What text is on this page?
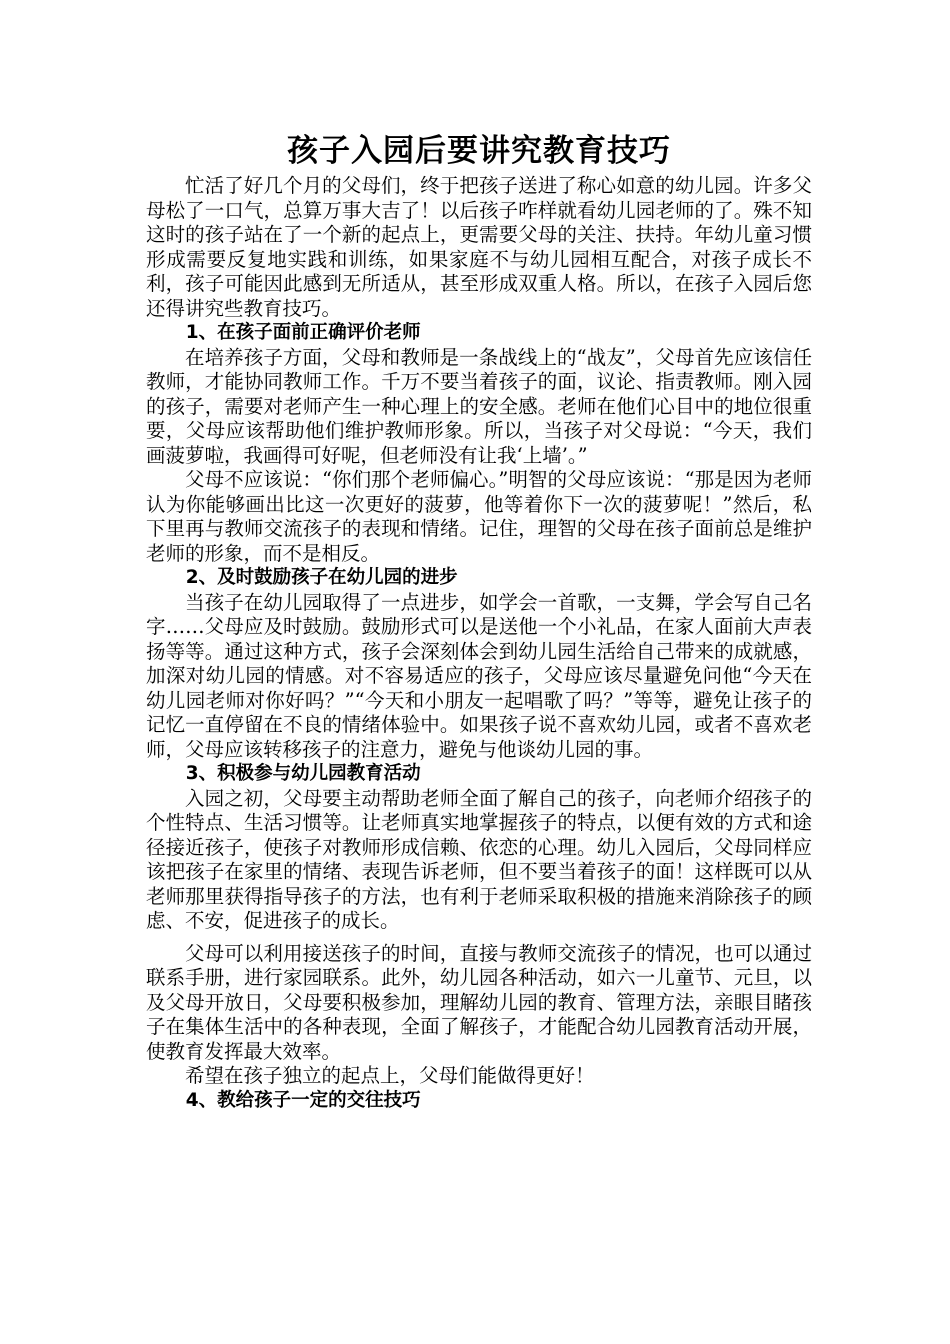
孩子入园后要讲究教育技巧

忙活了好几个月的父母们，终于把孩子送进了称心如意的幼儿园。许多父母松了一口气，总算万事大吉了！以后孩子咋样就看幼儿园老师的了。殊不知这时的孩子站在了一个新的起点上，更需要父母的关注、扶持。年幼儿童习惯形成需要反复地实践和训练，如果家庭不与幼儿园相互配合，对孩子成长不利，孩子可能因此感到无所适从，甚至形成双重人格。所以，在孩子入园后您还得讲究些教育技巧。

1、在孩子面前正确评价老师

在培养孩子方面，父母和教师是一条战线上的“战友”，父母首先应该信任教师，才能协同教师工作。千万不要当着孩子的面，议论、指责教师。刚入园的孩子，需要对老师产生一种心理上的安全感。老师在他们心目中的地位很重要，父母应该帮助他们维护教师形象。所以，当孩子对父母说：“今天，我们画菠萝啦，我画得可好呢，但老师没有让我‘上墙’。”

父母不应该说：“你们那个老师偏心。”明智的父母应该说：“那是因为老师认为你能够画出比这一次更好的菠萝，他等着你下一次的菠萝呢！”然后，私下里再与教师交流孩子的表现和情绪。记住，理智的父母在孩子面前总是维护老师的形象，而不是相反。

2、及时鼓励孩子在幼儿园的进步

当孩子在幼儿园取得了一点进步，如学会一首歌，一支舞，学会写自己名字……父母应及时鼓励。鼓励形式可以是送他一个小礼品，在家人面前大声表扬等等。通过这种方式，孩子会深刻体会到幼儿园生活给自己带来的成就感，加深对幼儿园的情感。对不容易适应的孩子，父母应该尽量避免问他“今天在幼儿园老师对你好吗？”“今天和小朋友一起唱歌了吗？”等等，避免让孩子的记忆一直停留在不良的情绪体验中。如果孩子说不喜欢幼儿园，或者不喜欢老师，父母应该转移孩子的注意力，避免与他谈幼儿园的事。

3、积极参与幼儿园教育活动

入园之初，父母要主动帮助老师全面了解自己的孩子，向老师介绍孩子的个性特点、生活习惯等。让老师真实地掌握孩子的特点，以便有效的方式和途径接近孩子，使孩子对教师形成信赖、依恋的心理。幼儿入园后，父母同样应该把孩子在家里的情绪、表现告诉老师，但不要当着孩子的面！这样既可以从老师那里获得指导孩子的方法，也有利于老师采取积极的措施来消除孩子的顾虑、不安，促进孩子的成长。

父母可以利用接送孩子的时间，直接与教师交流孩子的情况，也可以通过联系手册，进行家园联系。此外，幼儿园各种活动，如六一儿童节、元旦，以及父母开放日，父母要积极参加，理解幼儿园的教育、管理方法，亲眼目睹孩子在集体生活中的各种表现，全面了解孩子，才能配合幼儿园教育活动开展，使教育发挥最大效率。

希望在孩子独立的起点上，父母们能做得更好！

4、教给孩子一定的交往技巧
